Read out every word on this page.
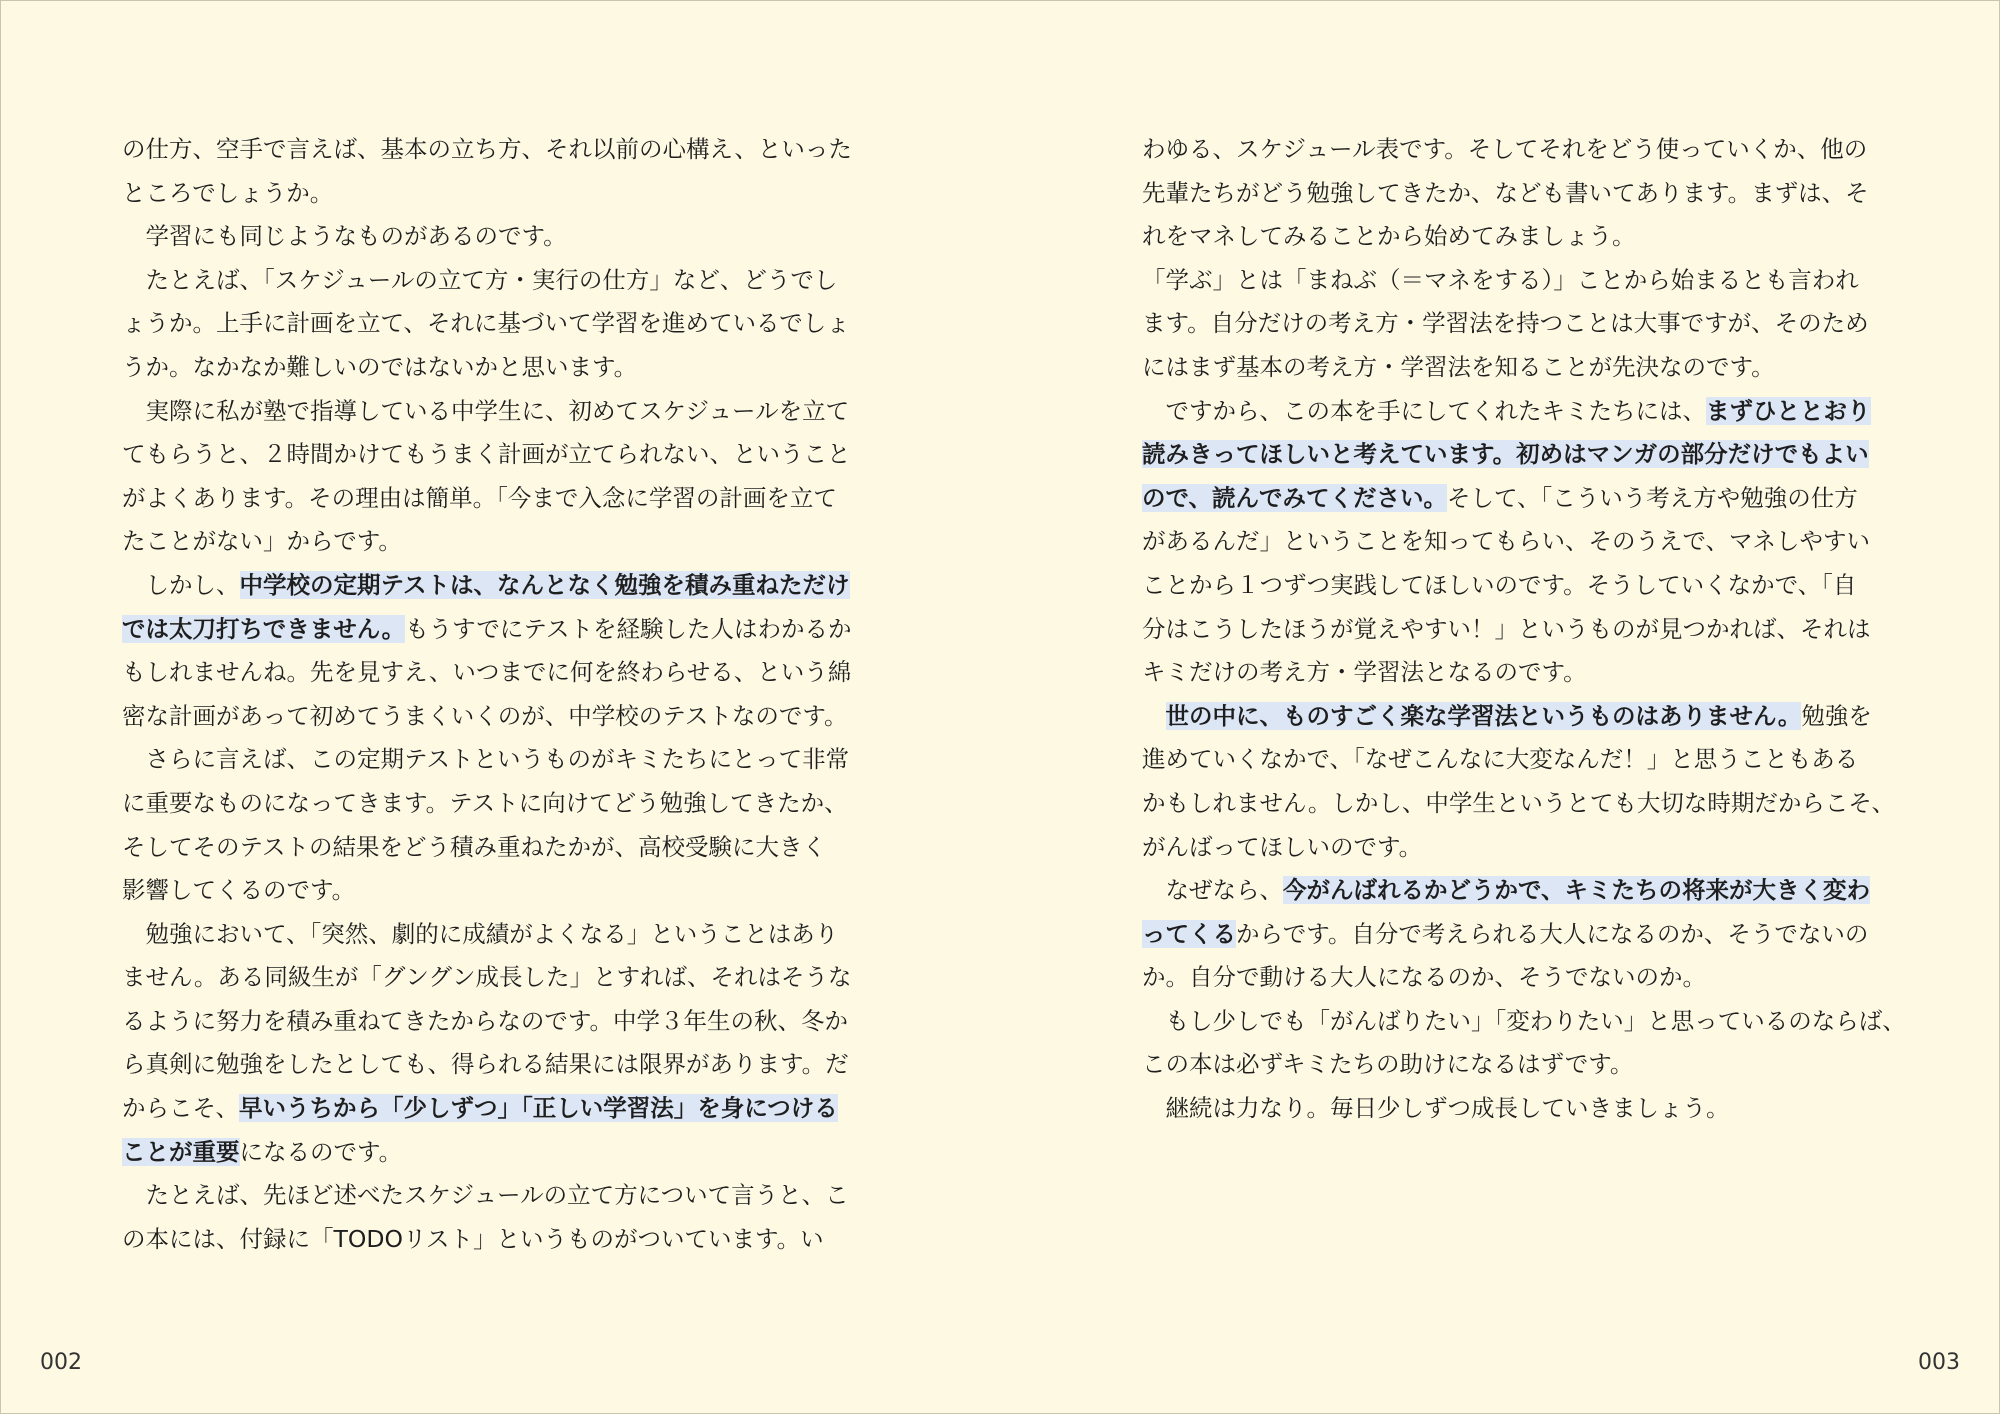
の仕方、空手で言えば、基本の立ち方、それ以前の心構え、といった
ところでしょうか。
　学習にも同じようなものがあるのです。
　たとえば、「スケジュールの立て方・実行の仕方」など、どうでし
ょうか。上手に計画を立て、それに基づいて学習を進めているでしょ
うか。なかなか難しいのではないかと思います。
　実際に私が塾で指導している中学生に、初めてスケジュールを立て
てもらうと、２時間かけてもうまく計画が立てられない、ということ
がよくあります。その理由は簡単。「今まで入念に学習の計画を立て
たことがない」からです。
　しかし、中学校の定期テストは、なんとなく勉強を積み重ねただけ
では太刀打ちできません。もうすでにテストを経験した人はわかるか
もしれませんね。先を見すえ、いつまでに何を終わらせる、という綿
密な計画があって初めてうまくいくのが、中学校のテストなのです。
　さらに言えば、この定期テストというものがキミたちにとって非常
に重要なものになってきます。テストに向けてどう勉強してきたか、
そしてそのテストの結果をどう積み重ねたかが、高校受験に大きく
影響してくるのです。
　勉強において、「突然、劇的に成績がよくなる」ということはあり
ません。ある同級生が「グングン成長した」とすれば、それはそうな
るように努力を積み重ねてきたからなのです。中学３年生の秋、冬か
ら真剣に勉強をしたとしても、得られる結果には限界があります。だ
からこそ、早いうちから「少しずつ」「正しい学習法」を身につける
ことが重要になるのです。
　たとえば、先ほど述べたスケジュールの立て方について言うと、こ
の本には、付録に「TODOリスト」というものがついています。い
わゆる、スケジュール表です。そしてそれをどう使っていくか、他の
先輩たちがどう勉強してきたか、なども書いてあります。まずは、そ
れをマネしてみることから始めてみましょう。
「学ぶ」とは「まねぶ（＝マネをする）」ことから始まるとも言われ
ます。自分だけの考え方・学習法を持つことは大事ですが、そのため
にはまず基本の考え方・学習法を知ることが先決なのです。
　ですから、この本を手にしてくれたキミたちには、まずひととおり
読みきってほしいと考えています。初めはマンガの部分だけでもよい
ので、読んでみてください。そして、「こういう考え方や勉強の仕方
があるんだ」ということを知ってもらい、そのうえで、マネしやすい
ことから１つずつ実践してほしいのです。そうしていくなかで、「自
分はこうしたほうが覚えやすい！」というものが見つかれば、それは
キミだけの考え方・学習法となるのです。
　世の中に、ものすごく楽な学習法というものはありません。勉強を
進めていくなかで、「なぜこんなに大変なんだ！」と思うこともある
かもしれません。しかし、中学生というとても大切な時期だからこそ、
がんばってほしいのです。
　なぜなら、今がんばれるかどうかで、キミたちの将来が大きく変わ
ってくるからです。自分で考えられる大人になるのか、そうでないの
か。自分で動ける大人になるのか、そうでないのか。
　もし少しでも「がんばりたい」「変わりたい」と思っているのならば、
この本は必ずキミたちの助けになるはずです。
　継続は力なり。毎日少しずつ成長していきましょう。
002	003
